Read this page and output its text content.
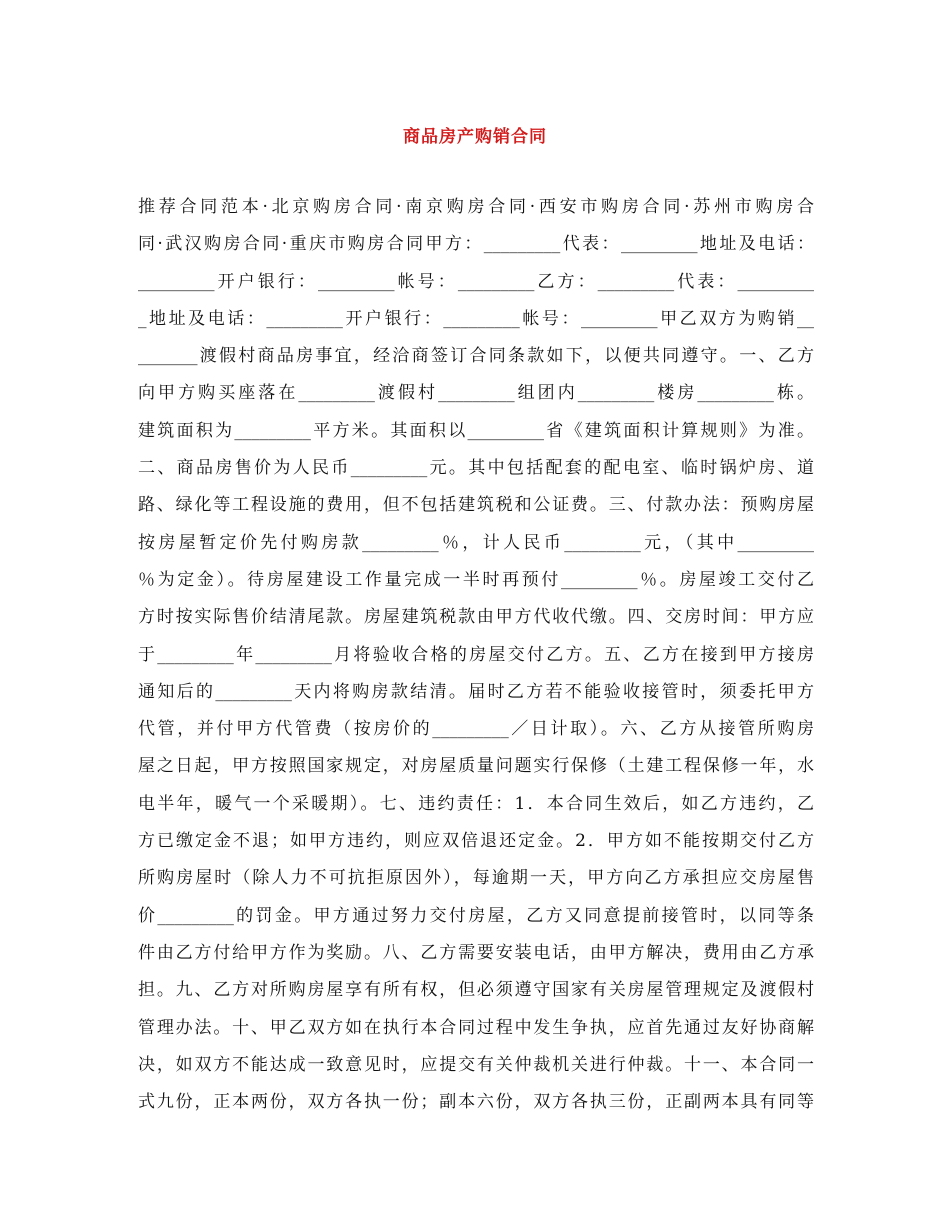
商品房产购销合同
推荐合同范本·北京购房合同·南京购房合同·西安市购房合同·苏州市购房合
同·武汉购房合同·重庆市购房合同甲方：_________代表：_________地址及电话：
_________开户银行：_________帐号：_________乙方：_________代表：_________
_地址及电话：_________开户银行：_________帐号：_________甲乙双方为购销__
_______渡假村商品房事宜，经洽商签订合同条款如下，以便共同遵守。一、乙方
向甲方购买座落在_________渡假村_________组团内_________楼房_________栋。
建筑面积为_________平方米。其面积以_________省《建筑面积计算规则》为准。
二、商品房售价为人民币_________元。其中包括配套的配电室、临时锅炉房、道
路、绿化等工程设施的费用，但不包括建筑税和公证费。三、付款办法：预购房屋
按房屋暂定价先付购房款_________％，计人民币_________元，（其中_________
％为定金）。待房屋建设工作量完成一半时再预付_________％。房屋竣工交付乙
方时按实际售价结清尾款。房屋建筑税款由甲方代收代缴。四、交房时间：甲方应
于_________年_________月将验收合格的房屋交付乙方。五、乙方在接到甲方接房
通知后的_________天内将购房款结清。届时乙方若不能验收接管时，须委托甲方
代管，并付甲方代管费（按房价的_________／日计取）。六、乙方从接管所购房
屋之日起，甲方按照国家规定，对房屋质量问题实行保修（土建工程保修一年，水
电半年，暖气一个采暖期）。七、违约责任：1．本合同生效后，如乙方违约，乙
方已缴定金不退；如甲方违约，则应双倍退还定金。2．甲方如不能按期交付乙方
所购房屋时（除人力不可抗拒原因外），每逾期一天，甲方向乙方承担应交房屋售
价_________的罚金。甲方通过努力交付房屋，乙方又同意提前接管时，以同等条
件由乙方付给甲方作为奖励。八、乙方需要安装电话，由甲方解决，费用由乙方承
担。九、乙方对所购房屋享有所有权，但必须遵守国家有关房屋管理规定及渡假村
管理办法。十、甲乙双方如在执行本合同过程中发生争执，应首先通过友好协商解
决，如双方不能达成一致意见时，应提交有关仲裁机关进行仲裁。十一、本合同一
式九份，正本两份，双方各执一份；副本六份，双方各执三份，正副两本具有同等
